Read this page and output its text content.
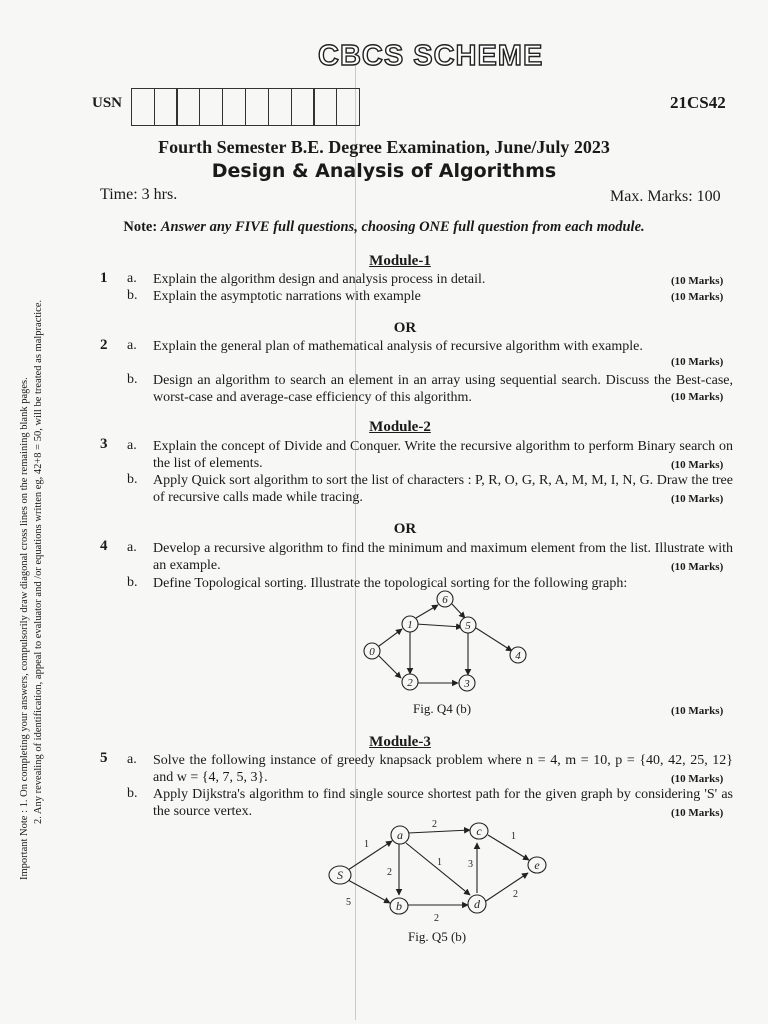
CBCS SCHEME
USN	21CS42
Fourth Semester B.E. Degree Examination, June/July 2023
Design & Analysis of Algorithms
Time: 3 hrs.	Max. Marks: 100
Note: Answer any FIVE full questions, choosing ONE full question from each module.
Important Note : 1. On completing your answers, compulsorily draw diagonal cross lines on the remaining blank pages. 2. Any revealing of identification, appeal to evaluator and /or equations written eg, 42+8 = 50, will be treated as malpractice.
Module-1
1 a. Explain the algorithm design and analysis process in detail.	(10 Marks)
b. Explain the asymptotic narrations with example	(10 Marks)
OR
2 a. Explain the general plan of mathematical analysis of recursive algorithm with example.
(10 Marks)
b. Design an algorithm to search an element in an array using sequential search. Discuss the Best-case, worst-case and average-case efficiency of this algorithm.	(10 Marks)
Module-2
3 a. Explain the concept of Divide and Conquer. Write the recursive algorithm to perform Binary search on the list of elements.	(10 Marks)
b. Apply Quick sort algorithm to sort the list of characters : P, R, O, G, R, A, M, M, I, N, G. Draw the tree of recursive calls made while tracing.	(10 Marks)
OR
4 a. Develop a recursive algorithm to find the minimum and maximum element from the list. Illustrate with an example.	(10 Marks)
b. Define Topological sorting. Illustrate the topological sorting for the following graph:
0
1
2	3
4
5
6
Fig. Q4 (b)	(10 Marks)
Module-3
5 a. Solve the following instance of greedy knapsack problem where n = 4, m = 10, p = {40, 42, 25, 12} and w = {4, 7, 5, 3}.	(10 Marks)
b. Apply Dijkstra's algorithm to find single source shortest path for the given graph by considering 'S' as the source vertex.	(10 Marks)
S
a
b
c
d
e
1
2
5
2
1	3
1
2
2
Fig. Q5 (b)
